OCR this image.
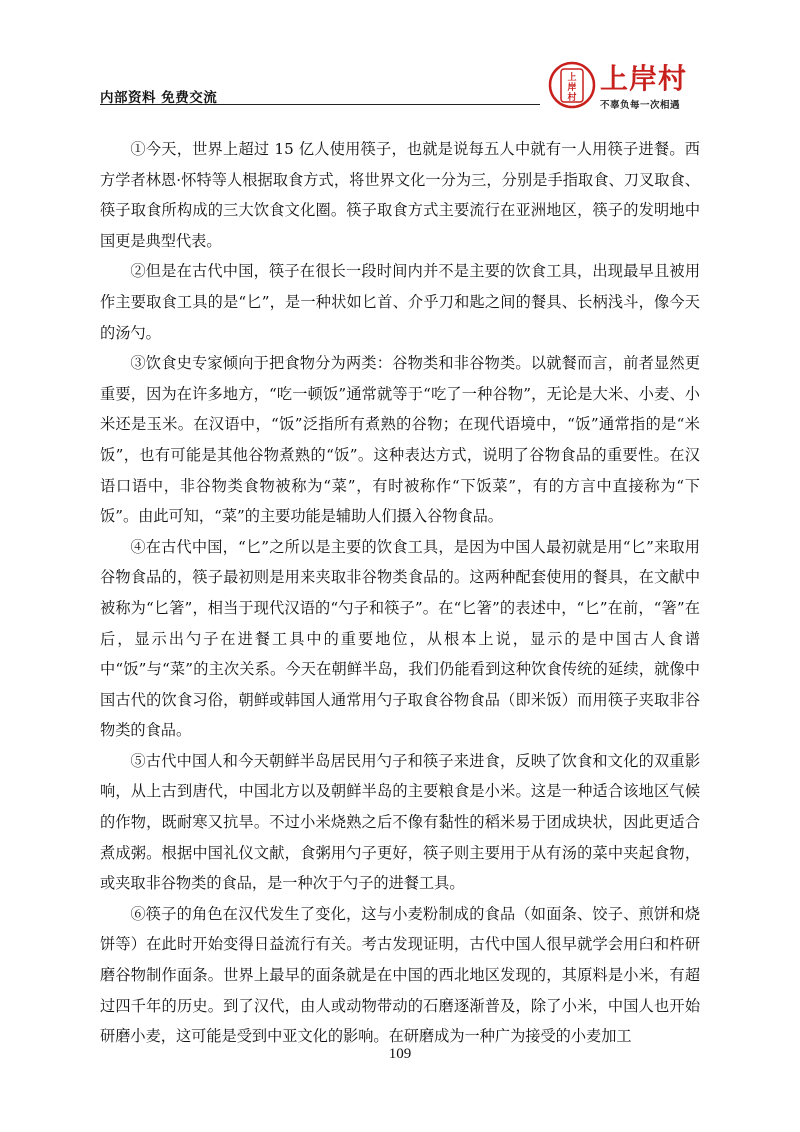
内部资料 免费交流
上
岸
村
上岸村
不辜负每一次相遇

①今天，世界上超过 15 亿人使用筷子，也就是说每五人中就有一人用筷子进餐。西方学者林恩·怀特等人根据取食方式，将世界文化一分为三，分别是手指取食、刀叉取食、筷子取食所构成的三大饮食文化圈。筷子取食方式主要流行在亚洲地区，筷子的发明地中国更是典型代表。

②但是在古代中国，筷子在很长一段时间内并不是主要的饮食工具，出现最早且被用作主要取食工具的是“匕”，是一种状如匕首、介乎刀和匙之间的餐具、长柄浅斗，像今天的汤勺。

③饮食史专家倾向于把食物分为两类：谷物类和非谷物类。以就餐而言，前者显然更重要，因为在许多地方，“吃一顿饭”通常就等于“吃了一种谷物”，无论是大米、小麦、小米还是玉米。在汉语中，“饭”泛指所有煮熟的谷物；在现代语境中，“饭”通常指的是“米饭”，也有可能是其他谷物煮熟的“饭”。这种表达方式，说明了谷物食品的重要性。在汉语口语中，非谷物类食物被称为“菜”，有时被称作“下饭菜”，有的方言中直接称为“下饭”。由此可知，“菜”的主要功能是辅助人们摄入谷物食品。

④在古代中国，“匕”之所以是主要的饮食工具，是因为中国人最初就是用“匕”来取用谷物食品的，筷子最初则是用来夹取非谷物类食品的。这两种配套使用的餐具，在文献中被称为“匕箸”，相当于现代汉语的“勺子和筷子”。在“匕箸”的表述中，“匕”在前，“箸”在后，显示出勺子在进餐工具中的重要地位，从根本上说，显示的是中国古人食谱中“饭”与“菜”的主次关系。今天在朝鲜半岛，我们仍能看到这种饮食传统的延续，就像中国古代的饮食习俗，朝鲜或韩国人通常用勺子取食谷物食品（即米饭）而用筷子夹取非谷物类的食品。

⑤古代中国人和今天朝鲜半岛居民用勺子和筷子来进食，反映了饮食和文化的双重影响，从上古到唐代，中国北方以及朝鲜半岛的主要粮食是小米。这是一种适合该地区气候的作物，既耐寒又抗旱。不过小米烧熟之后不像有黏性的稻米易于团成块状，因此更适合煮成粥。根据中国礼仪文献，食粥用勺子更好，筷子则主要用于从有汤的菜中夹起食物，或夹取非谷物类的食品，是一种次于勺子的进餐工具。

⑥筷子的角色在汉代发生了变化，这与小麦粉制成的食品（如面条、饺子、煎饼和烧饼等）在此时开始变得日益流行有关。考古发现证明，古代中国人很早就学会用臼和杵研磨谷物制作面条。世界上最早的面条就是在中国的西北地区发现的，其原料是小米，有超过四千年的历史。到了汉代，由人或动物带动的石磨逐渐普及，除了小米，中国人也开始研磨小麦，这可能是受到中亚文化的影响。在研磨成为一种广为接受的小麦加工

109
